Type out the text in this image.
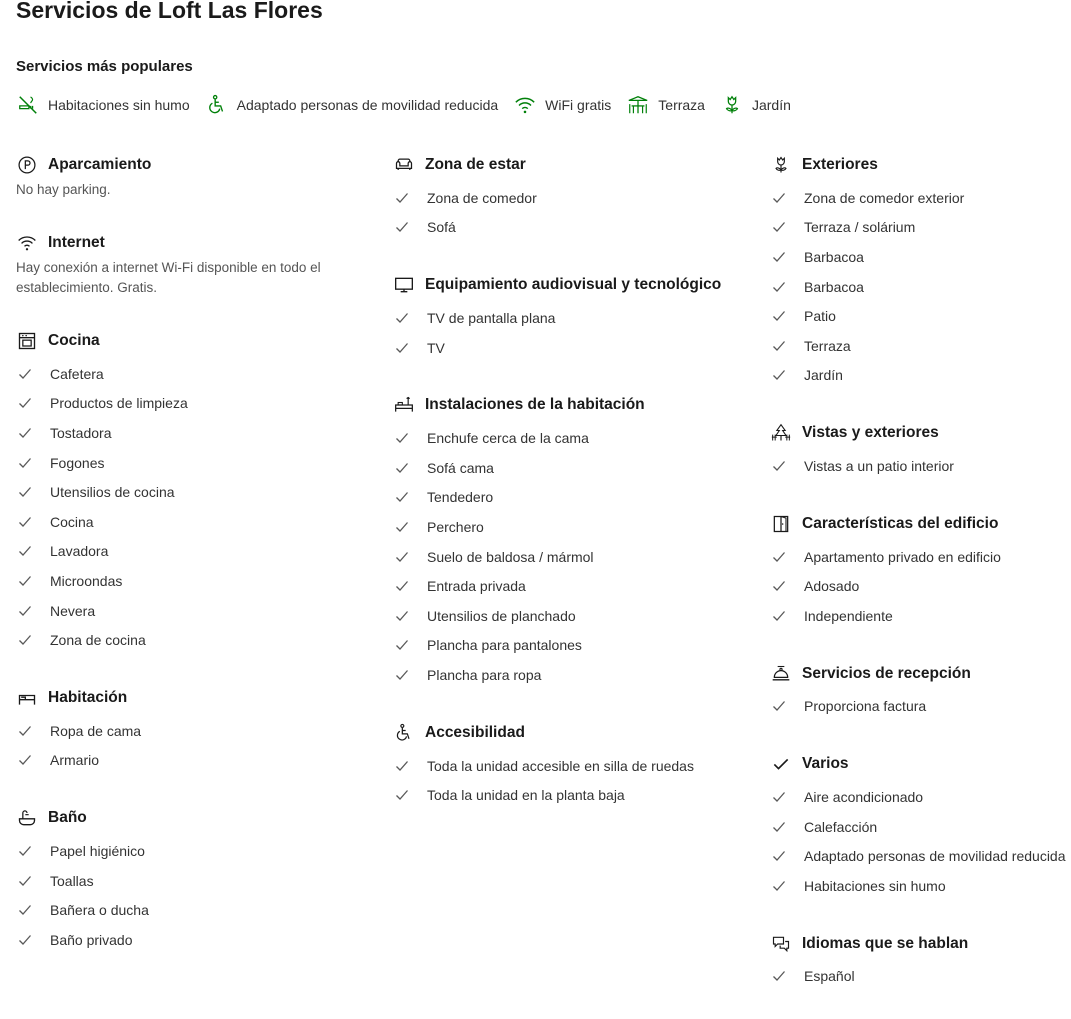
Servicios de Loft Las Flores
Servicios más populares
Habitaciones sin humo	Adaptado personas de movilidad reducida	WiFi gratis	Terraza	Jardín
Aparcamiento

No hay parking.

Internet

Hay conexión a internet Wi-Fi disponible en todo el establecimiento. Gratis.

Cocina
Cafetera
Productos de limpieza
Tostadora
Fogones
Utensilios de cocina
Cocina
Lavadora
Microondas
Nevera
Zona de cocina
Habitación
Ropa de cama
Armario
Baño
Papel higiénico
Toallas
Bañera o ducha
Baño privado
Zona de estar
Zona de comedor
Sofá
Equipamiento audiovisual y tecnológico
TV de pantalla plana
TV
Instalaciones de la habitación
Enchufe cerca de la cama
Sofá cama
Tendedero
Perchero
Suelo de baldosa / mármol
Entrada privada
Utensilios de planchado
Plancha para pantalones
Plancha para ropa
Accesibilidad
Toda la unidad accesible en silla de ruedas
Toda la unidad en la planta baja
Exteriores
Zona de comedor exterior
Terraza / solárium
Barbacoa
Barbacoa
Patio
Terraza
Jardín
Vistas y exteriores
Vistas a un patio interior
Características del edificio
Apartamento privado en edificio
Adosado
Independiente
Servicios de recepción
Proporciona factura
Varios
Aire acondicionado
Calefacción
Adaptado personas de movilidad reducida
Habitaciones sin humo
Idiomas que se hablan
Español
